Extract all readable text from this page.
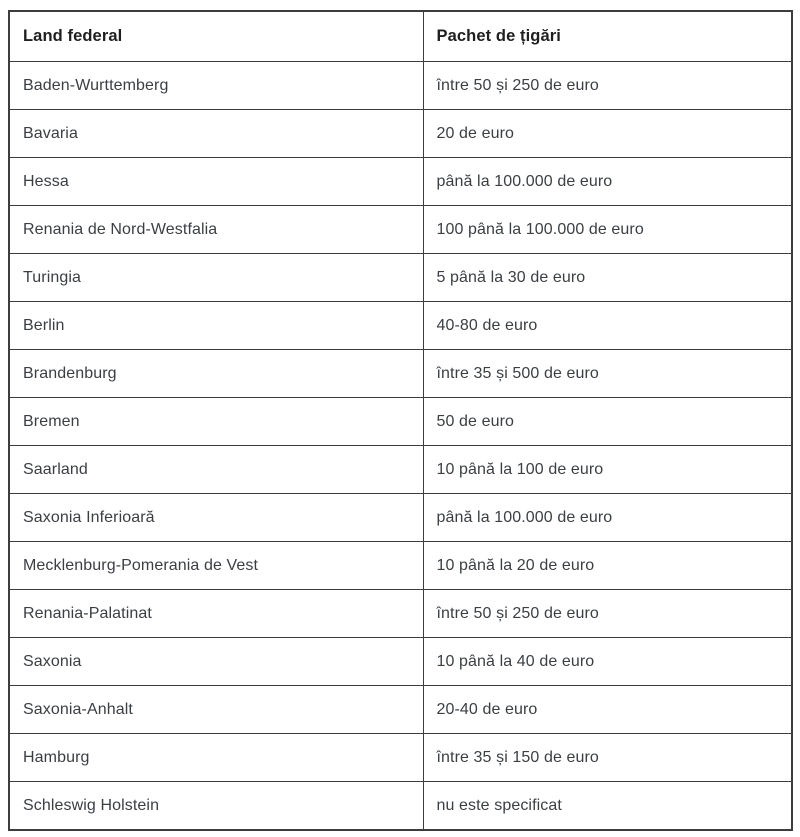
Land federal	Pachet de țigări
Baden-Wurttemberg	între 50 și 250 de euro
Bavaria	20 de euro
Hessa	până la 100.000 de euro
Renania de Nord-Westfalia	100 până la 100.000 de euro
Turingia	5 până la 30 de euro
Berlin	40-80 de euro
Brandenburg	între 35 și 500 de euro
Bremen	50 de euro
Saarland	10 până la 100 de euro
Saxonia Inferioară	până la 100.000 de euro
Mecklenburg-Pomerania de Vest	10 până la 20 de euro
Renania-Palatinat	între 50 și 250 de euro
Saxonia	10 până la 40 de euro
Saxonia-Anhalt	20-40 de euro
Hamburg	între 35 și 150 de euro
Schleswig Holstein	nu este specificat
